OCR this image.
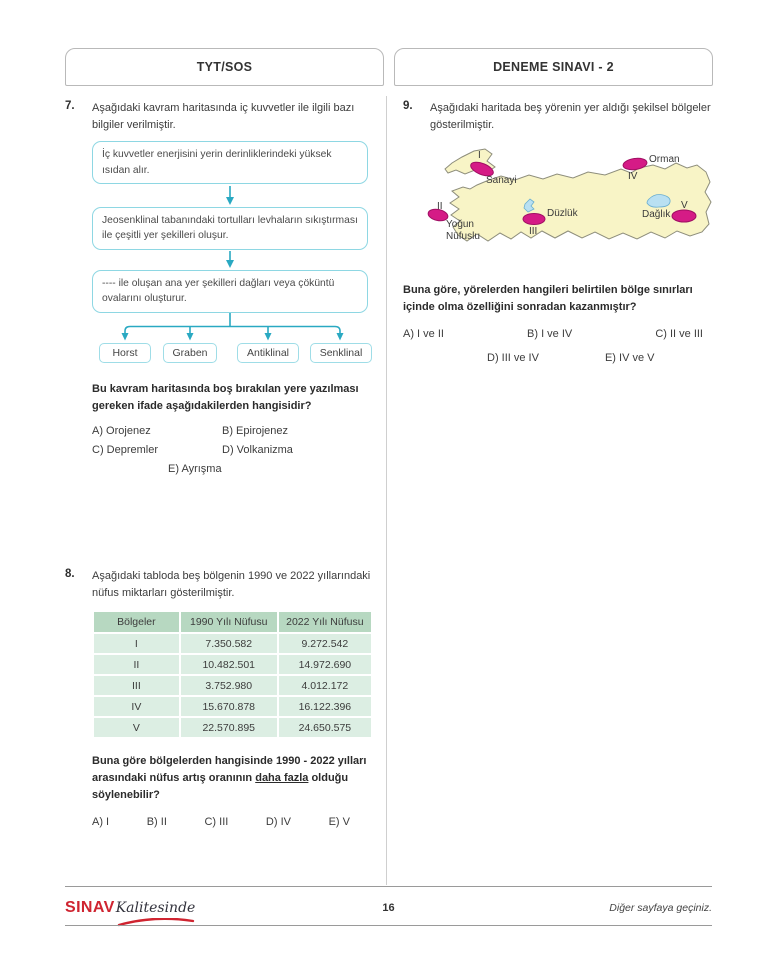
TYT/SOS	DENEME SINAVI - 2
7.	Aşağıdaki kavram haritasında iç kuvvetler ile ilgili bazı bilgiler verilmiştir.
İç kuvvetler enerjisini yerin derinliklerindeki yüksek ısıdan alır.
Jeosenklinal tabanındaki tortulları levhaların sıkıştırması ile çeşitli yer şekilleri oluşur.
---- ile oluşan ana yer şekilleri dağları veya çöküntü ovalarını oluşturur.
Horst	Graben	Antiklinal	Senklinal
Bu kavram haritasında boş bırakılan yere yazılması gereken ifade aşağıdakilerden hangisidir?
A) Orojenez	B) Epirojenez
C) Depremler	D) Volkanizma
E) Ayrışma
8.	Aşağıdaki tabloda beş bölgenin 1990 ve 2022 yıllarındaki nüfus miktarları gösterilmiştir.
Bölgeler	1990 Yılı Nüfusu	2022 Yılı Nüfusu
I	7.350.582	9.272.542
II	10.482.501	14.972.690
III	3.752.980	4.012.172
IV	15.670.878	16.122.396
V	22.570.895	24.650.575
Buna göre bölgelerden hangisinde 1990 - 2022 yılları arasındaki nüfus artış oranının daha fazla olduğu söylenebilir?
A) I	B) II	C) III	D) IV	E) V
9.	Aşağıdaki haritada beş yörenin yer aldığı şekilsel bölgeler gösterilmiştir.
I
Sanayi
II
Yoğun Nüfuslu	III
Düzlük
IV
Orman
V
Dağlık
Buna göre, yörelerden hangileri belirtilen bölge sınırları içinde olma özelliğini sonradan kazanmıştır?
A) I ve II	B) I ve IV	C) II ve III
D) III ve IV	E) IV ve V
SINAV Kalitesinde	16	Diğer sayfaya geçiniz.
